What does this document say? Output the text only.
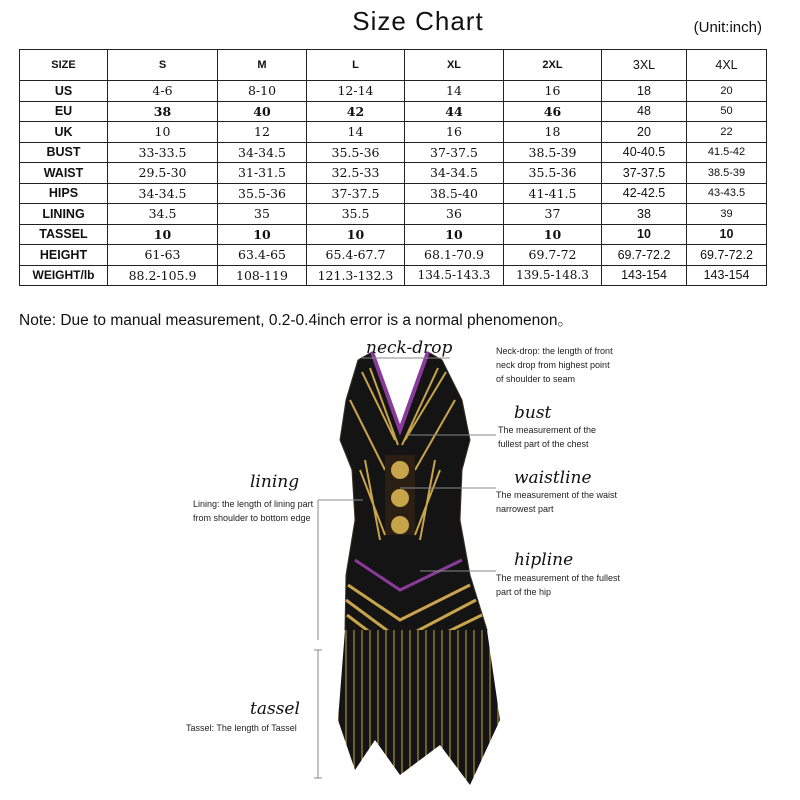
Size Chart	(Unit:inch)
SIZE	S	M	L	XL	2XL	3XL	4XL
US	4-6	8-10	12-14	14	16	18	20
EU	38	40	42	44	46	48	50
UK	10	12	14	16	18	20	22
BUST	33-33.5	34-34.5	35.5-36	37-37.5	38.5-39	40-40.5	41.5-42
WAIST	29.5-30	31-31.5	32.5-33	34-34.5	35.5-36	37-37.5	38.5-39
HIPS	34-34.5	35.5-36	37-37.5	38.5-40	41-41.5	42-42.5	43-43.5
LINING	34.5	35	35.5	36	37	38	39
TASSEL	10	10	10	10	10	10	10
HEIGHT	61-63	63.4-65	65.4-67.7	68.1-70.9	69.7-72	69.7-72.2	69.7-72.2
WEIGHT/lb	88.2-105.9	108-119	121.3-132.3	134.5-143.3	139.5-148.3	143-154	143-154
Note: Due to manual measurement, 0.2-0.4inch error is a normal phenomenon。
neck-drop	Neck-drop: the length of front
neck drop from highest point
of shoulder to seam
bust
The measurement of the
fullest part of the chest
waistline
The measurement of the waist
narrowest part
hipline
The measurement of the fullest
part of the hip
lining
Lining: the length of lining part
from shoulder to bottom edge
tassel
Tassel: The length of Tassel
